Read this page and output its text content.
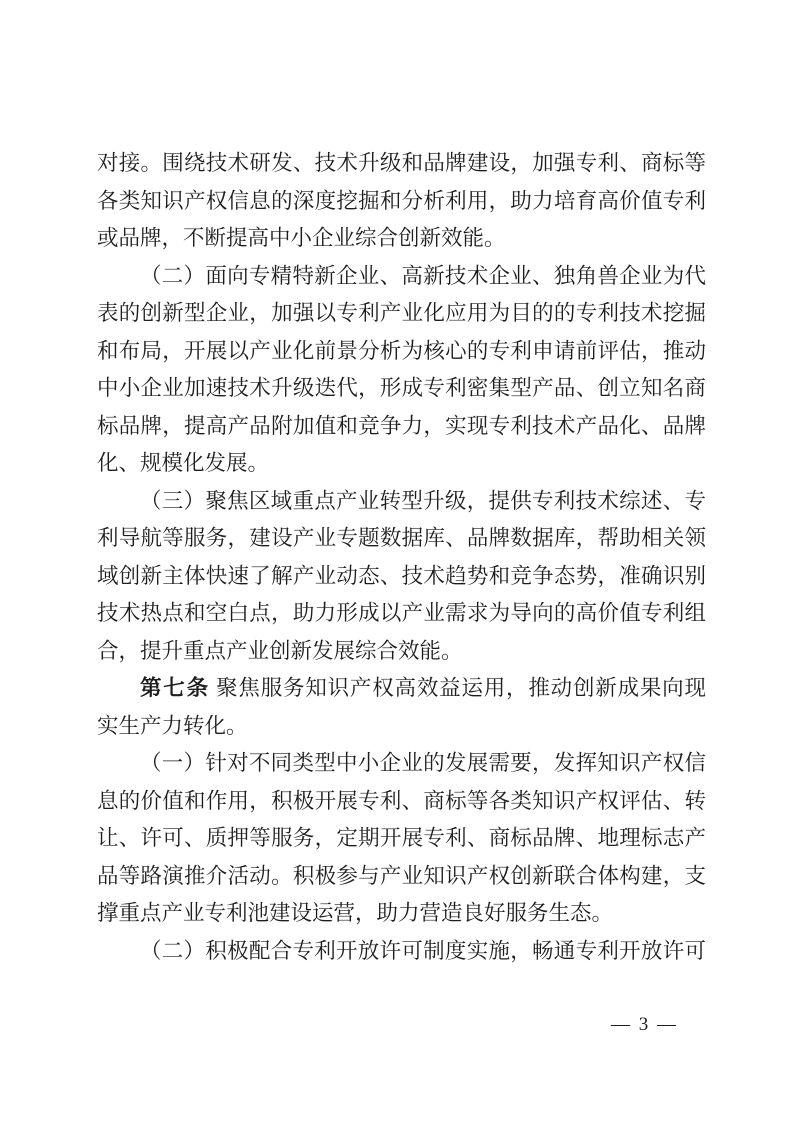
对接。围绕技术研发、技术升级和品牌建设，加强专利、商标等
各类知识产权信息的深度挖掘和分析利用，助力培育高价值专利
或品牌，不断提高中小企业综合创新效能。
（二）面向专精特新企业、高新技术企业、独角兽企业为代
表的创新型企业，加强以专利产业化应用为目的的专利技术挖掘
和布局，开展以产业化前景分析为核心的专利申请前评估，推动
中小企业加速技术升级迭代，形成专利密集型产品、创立知名商
标品牌，提高产品附加值和竞争力，实现专利技术产品化、品牌
化、规模化发展。
（三）聚焦区域重点产业转型升级，提供专利技术综述、专
利导航等服务，建设产业专题数据库、品牌数据库，帮助相关领
域创新主体快速了解产业动态、技术趋势和竞争态势，准确识别
技术热点和空白点，助力形成以产业需求为导向的高价值专利组
合，提升重点产业创新发展综合效能。
第七条 聚焦服务知识产权高效益运用，推动创新成果向现
实生产力转化。
（一）针对不同类型中小企业的发展需要，发挥知识产权信
息的价值和作用，积极开展专利、商标等各类知识产权评估、转
让、许可、质押等服务，定期开展专利、商标品牌、地理标志产
品等路演推介活动。积极参与产业知识产权创新联合体构建，支
撑重点产业专利池建设运营，助力营造良好服务生态。
（二）积极配合专利开放许可制度实施，畅通专利开放许可
— 3 —
